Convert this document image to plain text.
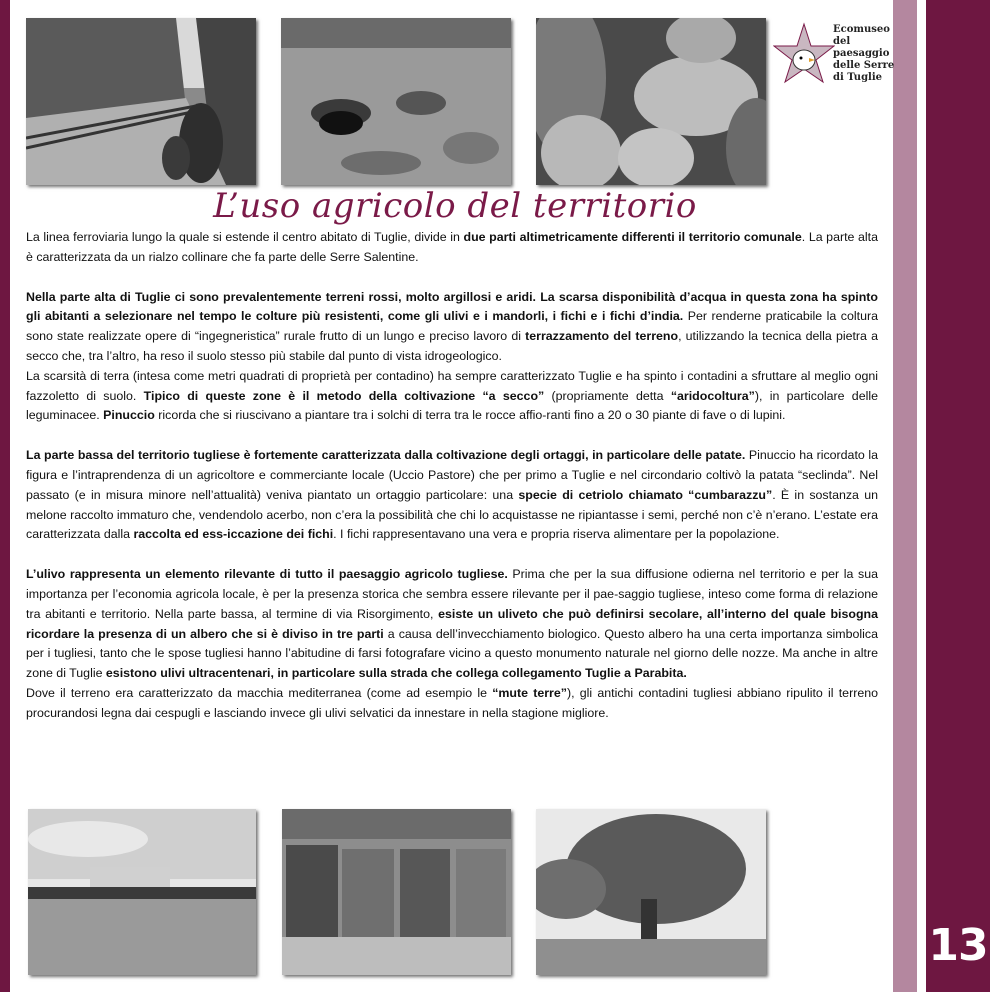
13
Ecomuseo
del paesaggio
delle Serre
di Tuglie
L’uso agricolo del territorio

La linea ferroviaria lungo la quale si estende il centro abitato di Tuglie, divide in due parti altimetricamente differenti il territorio comunale. La parte alta è caratterizzata da un rialzo collinare che fa parte delle Serre Salentine.

Nella parte alta di Tuglie ci sono prevalentemente terreni rossi, molto argillosi e aridi. La scarsa disponibilità d’acqua in questa zona ha spinto gli abitanti a selezionare nel tempo le colture più resistenti, come gli ulivi e i mandorli, i fichi e i fichi d’india. Per renderne praticabile la coltura sono state realizzate opere di “ingegneristica” rurale frutto di un lungo e preciso lavoro di terrazzamento del terreno, utilizzando la tecnica della pietra a secco che, tra l’altro, ha reso il suolo stesso più stabile dal punto di vista idrogeologico.

La scarsità di terra (intesa come metri quadrati di proprietà per contadino) ha sempre caratterizzato Tuglie e ha spinto i contadini a sfruttare al meglio ogni fazzoletto di suolo. Tipico di queste zone è il metodo della coltivazione “a secco” (propriamente detta “aridocoltura”), in particolare delle leguminacee. Pinuccio ricorda che si riuscivano a piantare tra i solchi di terra tra le rocce affio-ranti fino a 20 o 30 piante di fave o di lupini.

La parte bassa del territorio tugliese è fortemente caratterizzata dalla coltivazione degli ortaggi, in particolare delle patate. Pinuccio ha ricordato la figura e l’intraprendenza di un agricoltore e commerciante locale (Uccio Pastore) che per primo a Tuglie e nel circondario coltivò la patata “seclinda”. Nel passato (e in misura minore nell’attualità) veniva piantato un ortaggio particolare: una specie di cetriolo chiamato “cumbarazzu”. È in sostanza un melone raccolto immaturo che, vendendolo acerbo, non c’era la possibilità che chi lo acquistasse ne ripiantasse i semi, perché non c’è n’erano. L’estate era caratterizzata dalla raccolta ed ess-iccazione dei fichi. I fichi rappresentavano una vera e propria riserva alimentare per la popolazione.

L’ulivo rappresenta un elemento rilevante di tutto il paesaggio agricolo tugliese. Prima che per la sua diffusione odierna nel territorio e per la sua importanza per l’economia agricola locale, è per la presenza storica che sembra essere rilevante per il pae-saggio tugliese, inteso come forma di relazione tra abitanti e territorio. Nella parte bassa, al termine di via Risorgimento, esiste un uliveto che può definirsi secolare, all’interno del quale bisogna ricordare la presenza di un albero che si è diviso in tre parti a causa dell’invecchiamento biologico. Questo albero ha una certa importanza simbolica per i tugliesi, tanto che le spose tugliesi hanno l’abitudine di farsi fotografare vicino a questo monumento naturale nel giorno delle nozze. Ma anche in altre zone di Tuglie esistono ulivi ultracentenari, in particolare sulla strada che collega collegamento Tuglie a Parabita.

Dove il terreno era caratterizzato da macchia mediterranea (come ad esempio le “mute terre”), gli antichi contadini tugliesi abbiano ripulito il terreno procurandosi legna dai cespugli e lasciando invece gli ulivi selvatici da innestare in nella stagione migliore.
